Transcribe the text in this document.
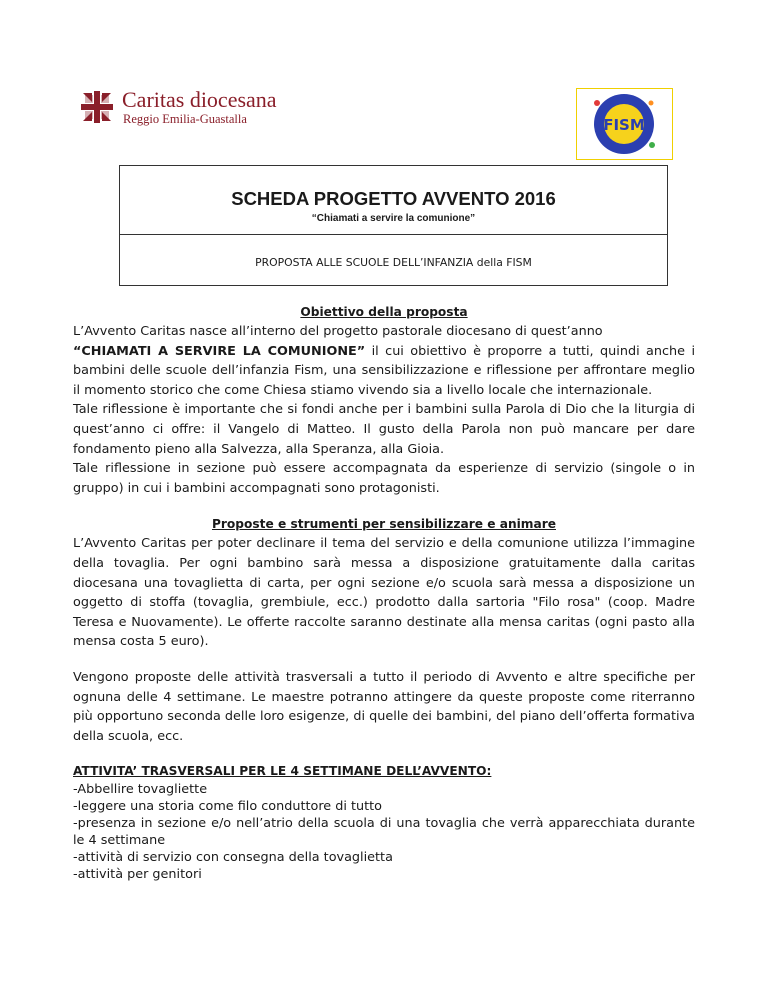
Caritas diocesana
Reggio Emilia-Guastalla	FISM
SCHEDA PROGETTO AVVENTO 2016
“Chiamati a servire la comunione”
PROPOSTA ALLE SCUOLE DELL’INFANZIA della FISM

Obiettivo della proposta

L’Avvento Caritas nasce all’interno del progetto pastorale diocesano di quest’anno
“CHIAMATI A SERVIRE LA COMUNIONE” il cui obiettivo è proporre a tutti, quindi anche i bambini delle scuole dell’infanzia Fism, una sensibilizzazione e riflessione per affrontare meglio il momento storico che come Chiesa stiamo vivendo sia a livello locale che internazionale.

Tale riflessione è importante che si fondi anche per i bambini sulla Parola di Dio che la liturgia di quest’anno ci offre: il Vangelo di Matteo. Il gusto della Parola non può mancare per dare fondamento pieno alla Salvezza, alla Speranza, alla Gioia.

Tale riflessione in sezione può essere accompagnata da esperienze di servizio (singole o in gruppo) in cui i bambini accompagnati sono protagonisti.

Proposte e strumenti per sensibilizzare e animare

L’Avvento Caritas per poter declinare il tema del servizio e della comunione utilizza l’immagine della tovaglia. Per ogni bambino sarà messa a disposizione gratuitamente dalla caritas diocesana una tovaglietta di carta, per ogni sezione e/o scuola sarà messa a disposizione un oggetto di stoffa (tovaglia, grembiule, ecc.) prodotto dalla sartoria "Filo rosa" (coop. Madre Teresa e Nuovamente). Le offerte raccolte saranno destinate alla mensa caritas (ogni pasto alla mensa costa 5 euro).

Vengono proposte delle attività trasversali a tutto il periodo di Avvento e altre specifiche per ognuna delle 4 settimane. Le maestre potranno attingere da queste proposte come riterranno più opportuno seconda delle loro esigenze, di quelle dei bambini, del piano dell’offerta formativa della scuola, ecc.

ATTIVITA’ TRASVERSALI PER LE 4 SETTIMANE DELL’AVVENTO:

-Abbellire tovagliette

-leggere una storia come filo conduttore di tutto

-presenza in sezione e/o nell’atrio della scuola di una tovaglia che verrà apparecchiata durante le 4 settimane

-attività di servizio con consegna della tovaglietta

-attività per genitori
